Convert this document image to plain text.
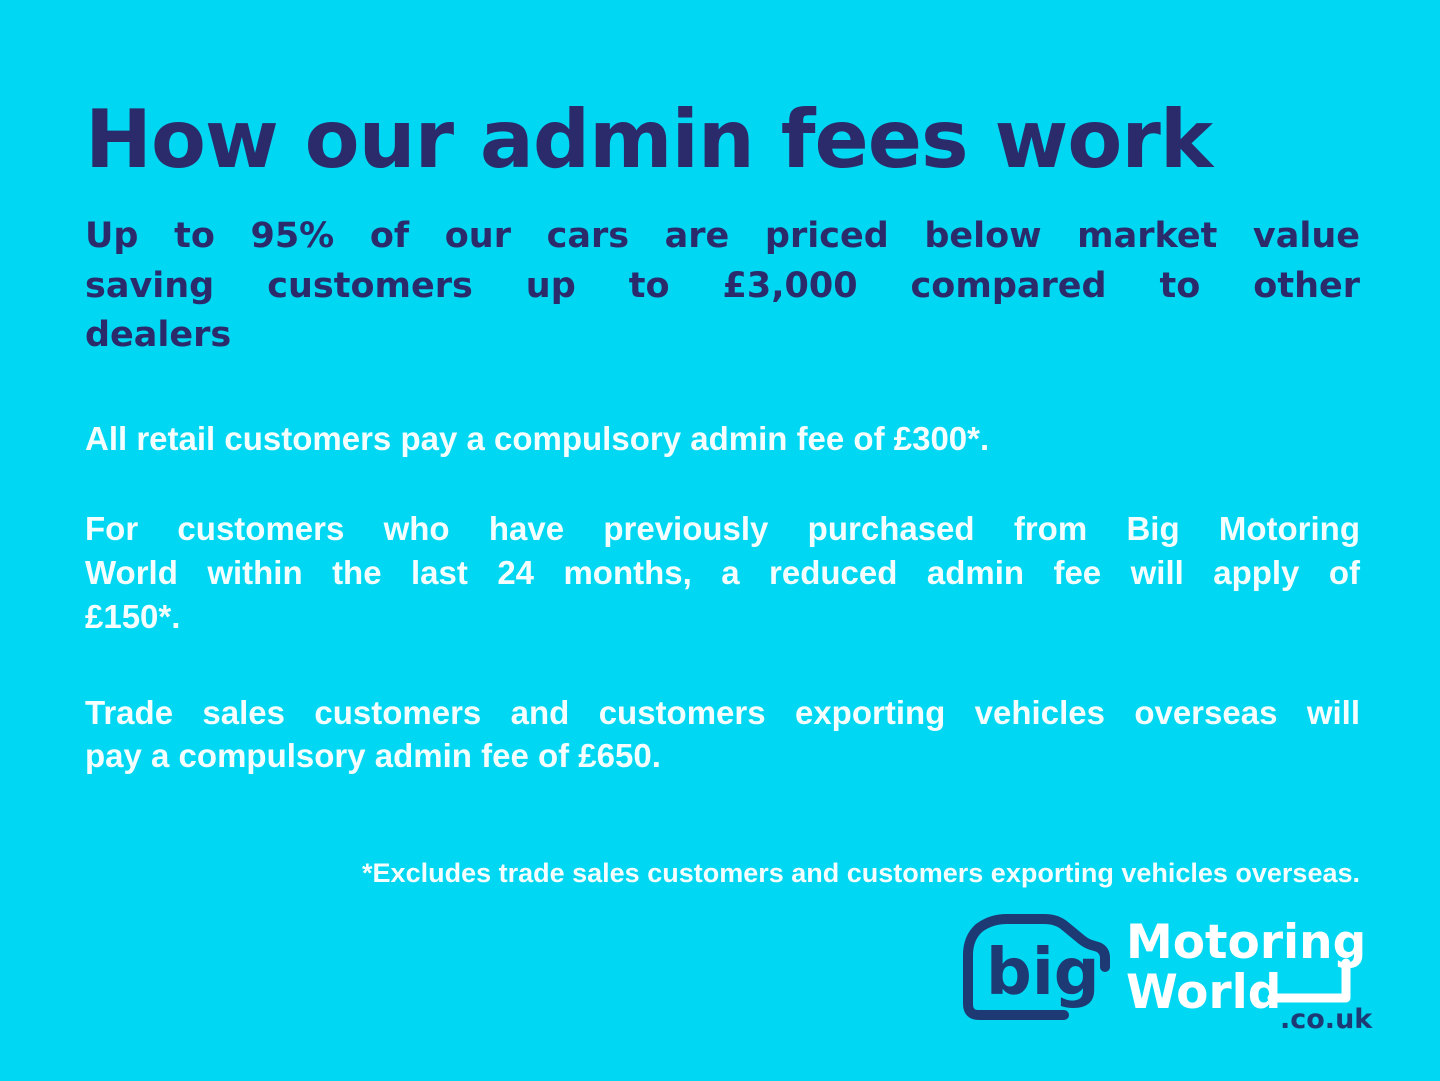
How our admin fees work
Up to 95% of our cars are priced below market value
saving customers up to £3,000 compared to other
dealers
All retail customers pay a compulsory admin fee of £300*.
For customers who have previously purchased from Big Motoring
World within the last 24 months, a reduced admin fee will apply of
£150*.
Trade sales customers and customers exporting vehicles overseas will
pay a compulsory admin fee of £650.
*Excludes trade sales customers and customers exporting vehicles overseas.
big Motoring
World
.co.uk
